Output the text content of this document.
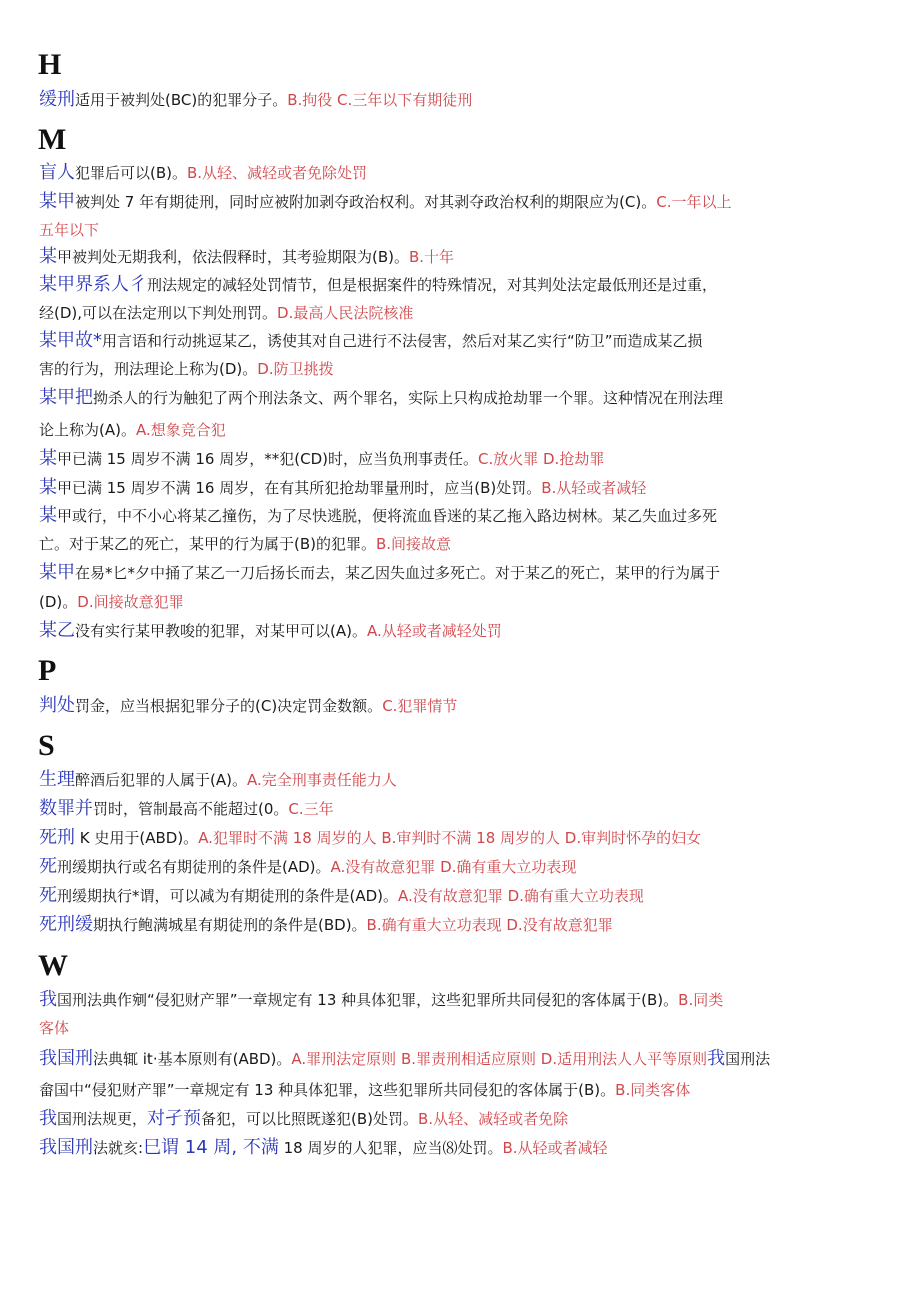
H
缓刑适用于被判处(BC)的犯罪分子。B.拘役 C.三年以下有期徒刑
M
盲人犯罪后可以(B)。B.从轻、减轻或者免除处罚
某甲被判处 7 年有期徒刑，同时应被附加剥夺政治权利。对其剥夺政治权利的期限应为(C)。C.一年以上
五年以下
某甲被判处无期我利，依法假释时，其考验期限为(B)。B.十年
某甲界系人彳刑法规定的减轻处罚情节，但是根据案件的特殊情况，对其判处法定最低刑还是过重，
经(D),可以在法定刑以下判处刑罚。D.最高人民法院核准
某甲故*用言语和行动挑逗某乙，诱使其对自己进行不法侵害，然后对某乙实行“防卫”而造成某乙损
害的行为，刑法理论上称为(D)。D.防卫挑拨
某甲把拗杀人的行为触犯了两个刑法条文、两个罪名，实际上只构成抢劫罪一个罪。这种情况在刑法理
论上称为(A)。A.想象竞合犯
某甲已满 15 周岁不满 16 周岁，**犯(CD)时，应当负刑事责任。C.放火罪 D.抢劫罪
某甲已满 15 周岁不满 16 周岁，在有其所犯抢劫罪量刑时，应当(B)处罚。B.从轻或者减轻
某甲或行，中不小心将某乙撞伤，为了尽快逃脱，便将流血昏迷的某乙拖入路边树林。某乙失血过多死
亡。对于某乙的死亡，某甲的行为属于(B)的犯罪。B.间接故意
某甲在易*匕*夕中捅了某乙一刀后扬长而去，某乙因失血过多死亡。对于某乙的死亡，某甲的行为属于
(D)。D.间接故意犯罪
某乙没有实行某甲教唆的犯罪，对某甲可以(A)。A.从轻或者减轻处罚
P
判处罚金，应当根据犯罪分子的(C)决定罚金数额。C.犯罪情节
S
生理醉酒后犯罪的人属于(A)。A.完全刑事责任能力人
数罪并罚时，管制最高不能超过(0。C.三年
死刑 K 史用于(ABD)。A.犯罪时不满 18 周岁的人 B.审判时不满 18 周岁的人 D.审判时怀孕的妇女
死刑缓期执行或名有期徒刑的条件是(AD)。A.没有故意犯罪 D.确有重大立功表现
死刑缓期执行*谓，可以减为有期徒刑的条件是(AD)。A.没有故意犯罪 D.确有重大立功表现
死刑缓期执行鲍满城星有期徒刑的条件是(BD)。B.确有重大立功表现 D.没有故意犯罪
W
我国刑法典作剜“侵犯财产罪”一章规定有 13 种具体犯罪，这些犯罪所共同侵犯的客体属于(B)。B.同类
客体
我国刑法典辄 it·基本原则有(ABD)。A.罪刑法定原则 B.罪责刑相适应原则 D.适用刑法人人平等原则我国刑法
畲国中“侵犯财产罪”一章规定有 13 种具体犯罪，这些犯罪所共同侵犯的客体属于(B)。B.同类客体
我国刑法规更，对孑预备犯，可以比照既遂犯(B)处罚。B.从轻、减轻或者免除
我国刑法就亥:巳谓 14 周, 不满 18 周岁的人犯罪，应当⑻处罚。B.从轻或者减轻
